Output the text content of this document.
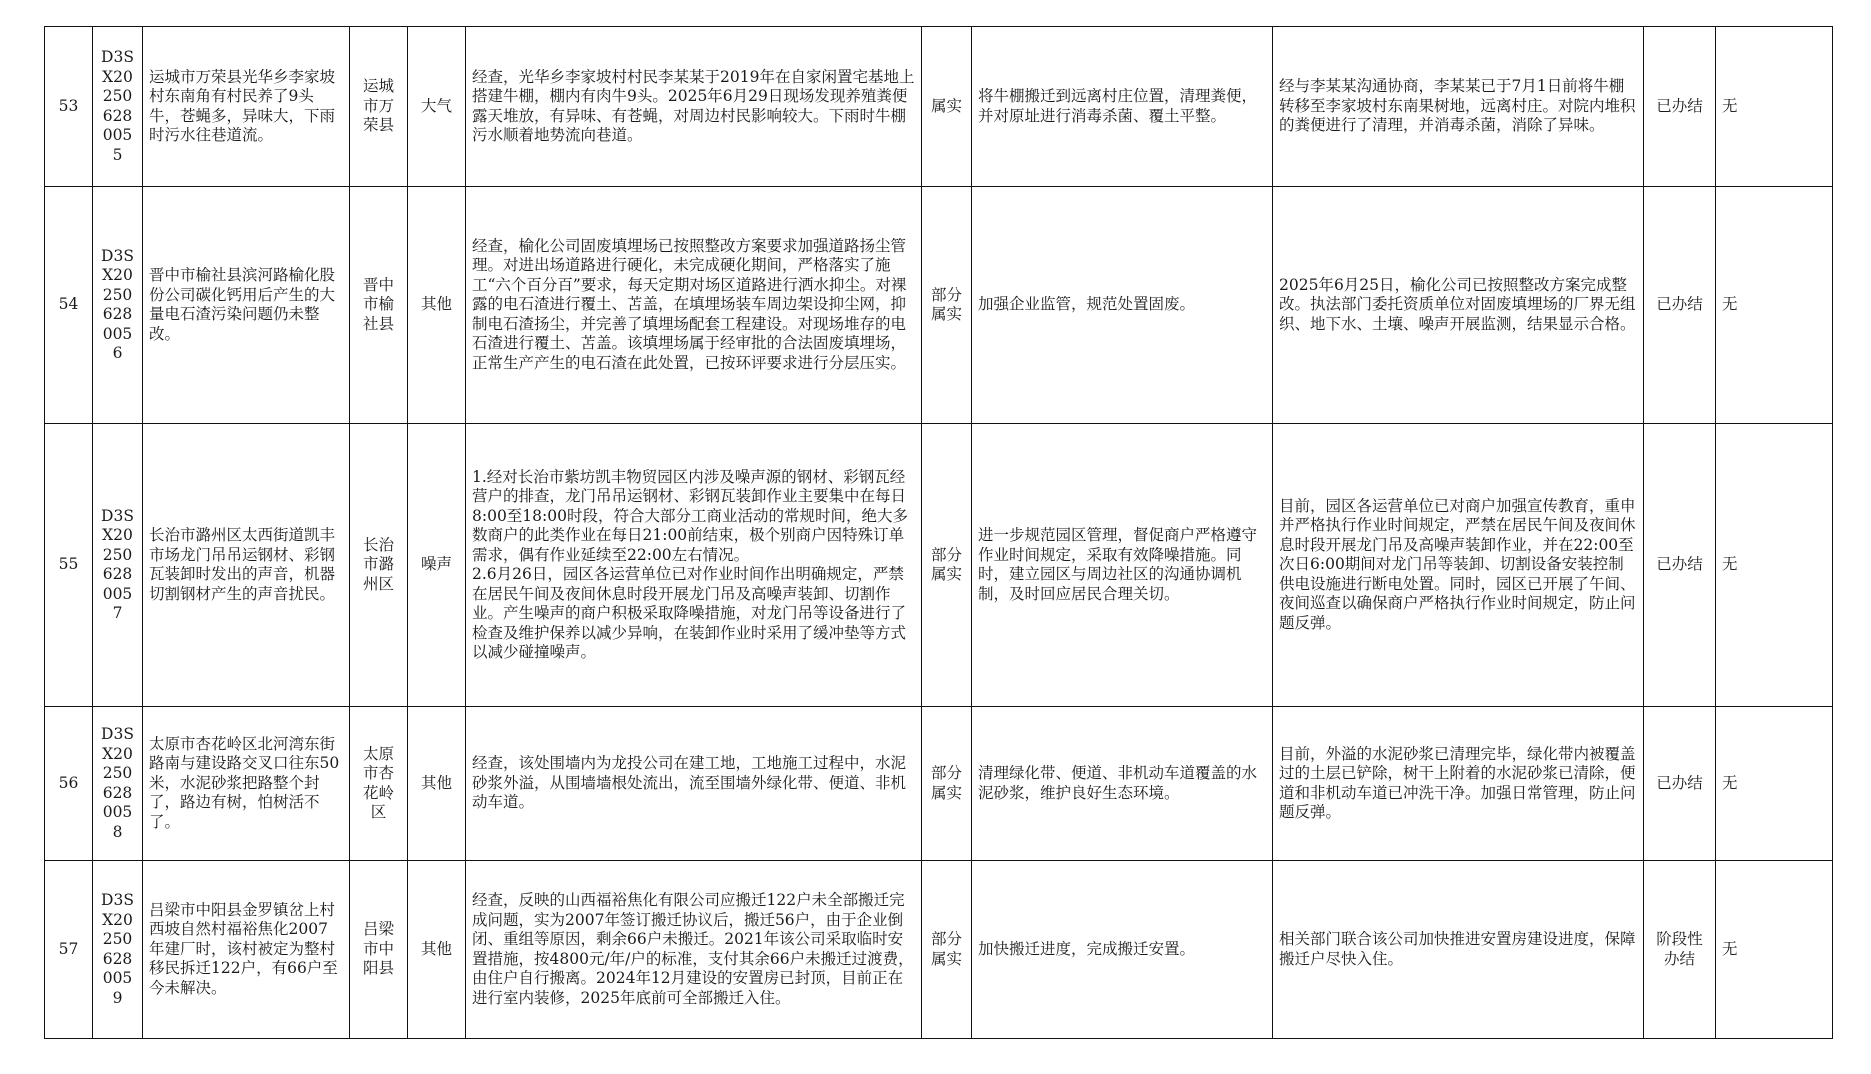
53	D3SX202506280055	运城市万荣县光华乡李家坡村东南角有村民养了9头牛，苍蝇多，异味大，下雨时污水往巷道流。	运城市万荣县	大气	经查，光华乡李家坡村村民李某某于2019年在自家闲置宅基地上搭建牛棚，棚内有肉牛9头。2025年6月29日现场发现养殖粪便露天堆放，有异味、有苍蝇，对周边村民影响较大。下雨时牛棚污水顺着地势流向巷道。	属实	将牛棚搬迁到远离村庄位置，清理粪便，并对原址进行消毒杀菌、覆土平整。	经与李某某沟通协商，李某某已于7月1日前将牛棚转移至李家坡村东南果树地，远离村庄。对院内堆积的粪便进行了清理，并消毒杀菌，消除了异味。	已办结	无
54	D3SX202506280056	晋中市榆社县滨河路榆化股份公司碳化钙用后产生的大量电石渣污染问题仍未整改。	晋中市榆社县	其他	经查，榆化公司固废填埋场已按照整改方案要求加强道路扬尘管理。对进出场道路进行硬化，未完成硬化期间，严格落实了施工“六个百分百”要求，每天定期对场区道路进行洒水抑尘。对裸露的电石渣进行覆土、苫盖，在填埋场装车周边架设抑尘网，抑制电石渣扬尘，并完善了填埋场配套工程建设。对现场堆存的电石渣进行覆土、苫盖。该填埋场属于经审批的合法固废填埋场，正常生产产生的电石渣在此处置，已按环评要求进行分层压实。	部分属实	加强企业监管，规范处置固废。	2025年6月25日，榆化公司已按照整改方案完成整改。执法部门委托资质单位对固废填埋场的厂界无组织、地下水、土壤、噪声开展监测，结果显示合格。	已办结	无
55	D3SX202506280057	长治市潞州区太西街道凯丰市场龙门吊吊运钢材、彩钢瓦装卸时发出的声音，机器切割钢材产生的声音扰民。	长治市潞州区	噪声	1.经对长治市紫坊凯丰物贸园区内涉及噪声源的钢材、彩钢瓦经营户的排查，龙门吊吊运钢材、彩钢瓦装卸作业主要集中在每日8:00至18:00时段，符合大部分工商业活动的常规时间，绝大多数商户的此类作业在每日21:00前结束，极个别商户因特殊订单需求，偶有作业延续至22:00左右情况。
2.6月26日，园区各运营单位已对作业时间作出明确规定，严禁在居民午间及夜间休息时段开展龙门吊及高噪声装卸、切割作业。产生噪声的商户积极采取降噪措施，对龙门吊等设备进行了检查及维护保养以减少异响，在装卸作业时采用了缓冲垫等方式以减少碰撞噪声。	部分属实	进一步规范园区管理，督促商户严格遵守作业时间规定，采取有效降噪措施。同时，建立园区与周边社区的沟通协调机制，及时回应居民合理关切。	目前，园区各运营单位已对商户加强宣传教育，重申并严格执行作业时间规定，严禁在居民午间及夜间休息时段开展龙门吊及高噪声装卸作业，并在22:00至次日6:00期间对龙门吊等装卸、切割设备安装控制供电设施进行断电处置。同时，园区已开展了午间、夜间巡查以确保商户严格执行作业时间规定，防止问题反弹。	已办结	无
56	D3SX202506280058	太原市杏花岭区北河湾东街路南与建设路交叉口往东50米，水泥砂浆把路整个封了，路边有树，怕树活不了。	太原市杏花岭区	其他	经查，该处围墙内为龙投公司在建工地，工地施工过程中，水泥砂浆外溢，从围墙墙根处流出，流至围墙外绿化带、便道、非机动车道。	部分属实	清理绿化带、便道、非机动车道覆盖的水泥砂浆，维护良好生态环境。	目前，外溢的水泥砂浆已清理完毕，绿化带内被覆盖过的土层已铲除，树干上附着的水泥砂浆已清除，便道和非机动车道已冲洗干净。加强日常管理，防止问题反弹。	已办结	无
57	D3SX202506280059	吕梁市中阳县金罗镇岔上村西坡自然村福裕焦化2007年建厂时，该村被定为整村移民拆迁122户，有66户至今未解决。	吕梁市中阳县	其他	经查，反映的山西福裕焦化有限公司应搬迁122户未全部搬迁完成问题，实为2007年签订搬迁协议后，搬迁56户，由于企业倒闭、重组等原因，剩余66户未搬迁。2021年该公司采取临时安置措施，按4800元/年/户的标准，支付其余66户未搬迁过渡费，由住户自行搬离。2024年12月建设的安置房已封顶，目前正在进行室内装修，2025年底前可全部搬迁入住。	部分属实	加快搬迁进度，完成搬迁安置。	相关部门联合该公司加快推进安置房建设进度，保障搬迁户尽快入住。	阶段性办结	无
